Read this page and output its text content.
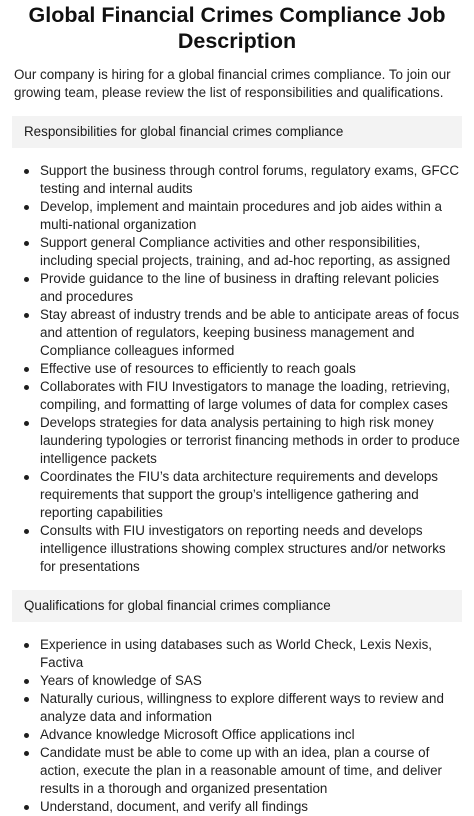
Global Financial Crimes Compliance Job Description

Our company is hiring for a global financial crimes compliance. To join our growing team, please review the list of responsibilities and qualifications.

Responsibilities for global financial crimes compliance
Support the business through control forums, regulatory exams, GFCC testing and internal audits
Develop, implement and maintain procedures and job aides within a multi-national organization
Support general Compliance activities and other responsibilities, including special projects, training, and ad-hoc reporting, as assigned
Provide guidance to the line of business in drafting relevant policies and procedures
Stay abreast of industry trends and be able to anticipate areas of focus and attention of regulators, keeping business management and Compliance colleagues informed
Effective use of resources to efficiently to reach goals
Collaborates with FIU Investigators to manage the loading, retrieving, compiling, and formatting of large volumes of data for complex cases
Develops strategies for data analysis pertaining to high risk money laundering typologies or terrorist financing methods in order to produce intelligence packets
Coordinates the FIU’s data architecture requirements and develops requirements that support the group’s intelligence gathering and reporting capabilities
Consults with FIU investigators on reporting needs and develops intelligence illustrations showing complex structures and/or networks for presentations
Qualifications for global financial crimes compliance
Experience in using databases such as World Check, Lexis Nexis, Factiva
Years of knowledge of SAS
Naturally curious, willingness to explore different ways to review and analyze data and information
Advance knowledge Microsoft Office applications incl
Candidate must be able to come up with an idea, plan a course of action, execute the plan in a reasonable amount of time, and deliver results in a thorough and organized presentation
Understand, document, and verify all findings
